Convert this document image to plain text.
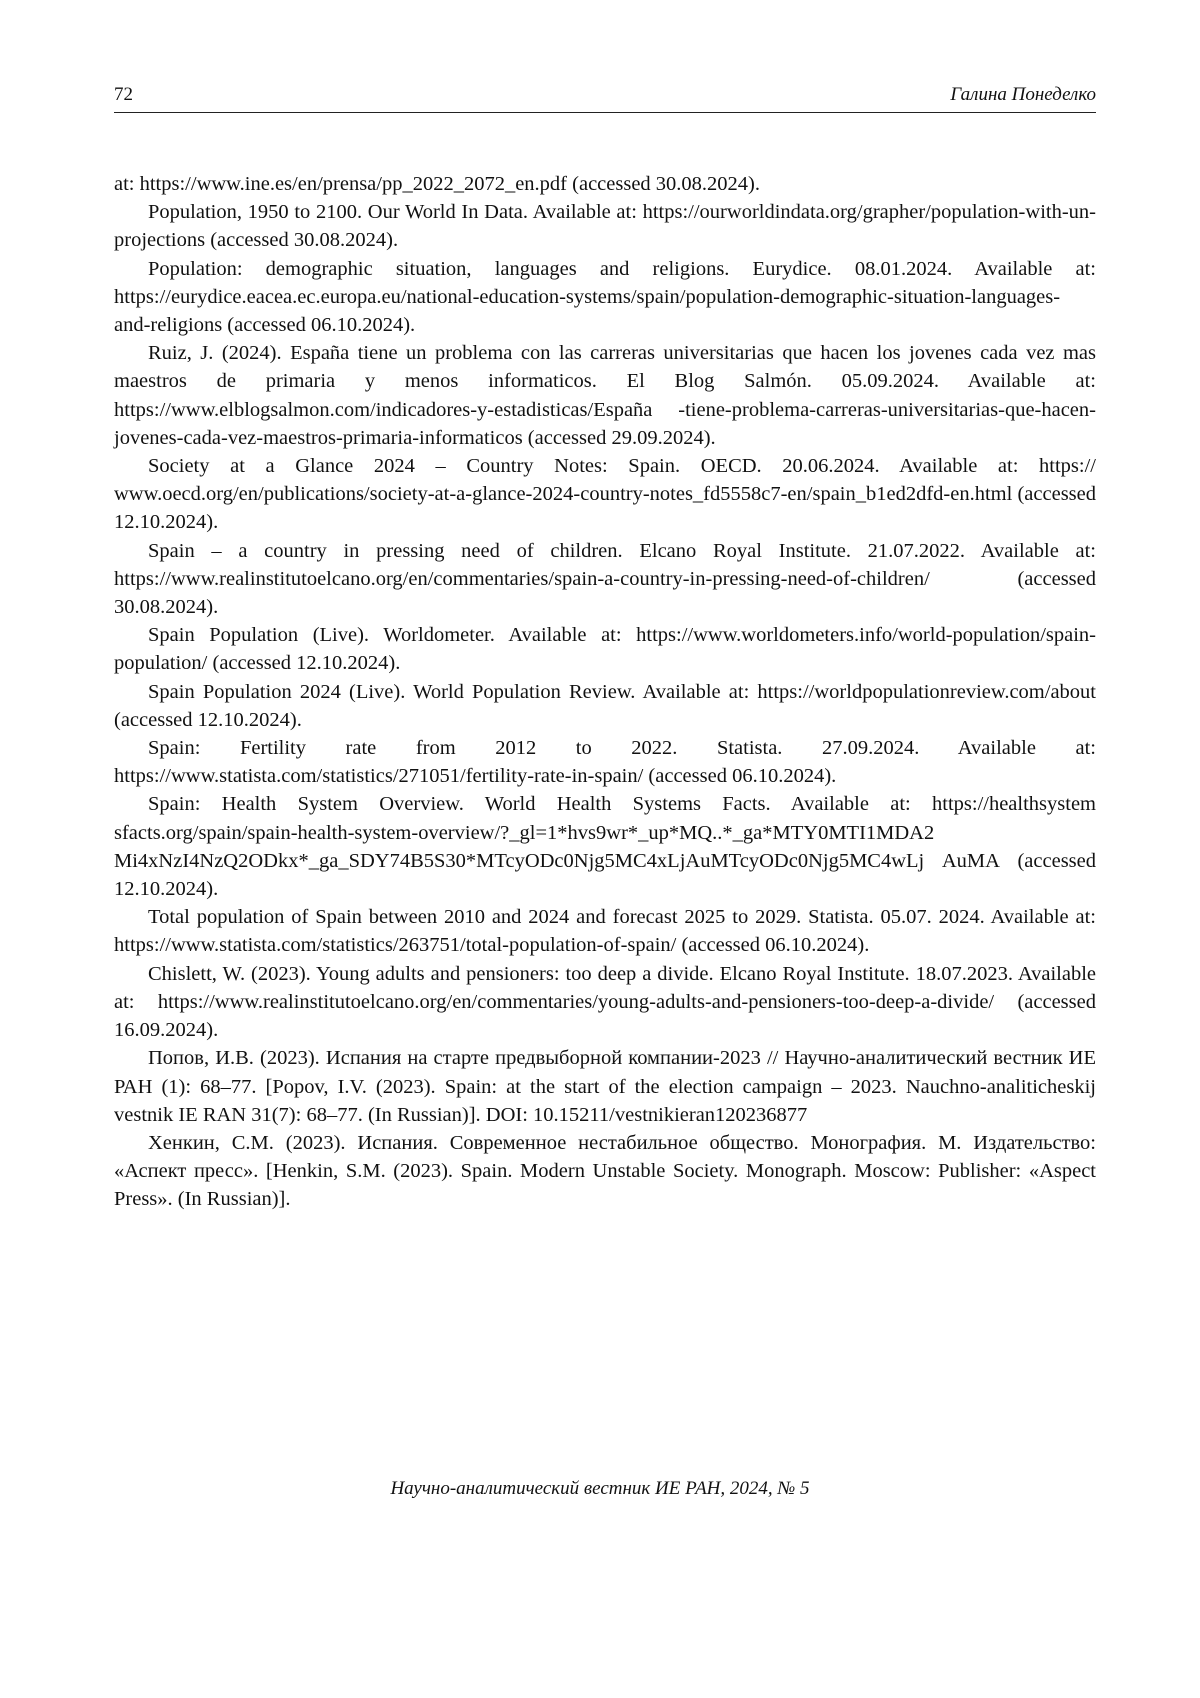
72	Галина Понеделко

at: https://www.ine.es/en/prensa/pp_2022_2072_en.pdf (accessed 30.08.2024).

Population, 1950 to 2100. Our World In Data. Available at: https://ourworldindata.org/grapher/population-with-un-projections (accessed 30.08.2024).

Population: demographic situation, languages and religions. Eurydice. 08.01.2024. Available at: https://eurydice.eacea.ec.europa.eu/national-education-systems/spain/population-demographic-situation-languages-and-religions (accessed 06.10.2024).

Ruiz, J. (2024). España tiene un problema con las carreras universitarias que hacen los jovenes cada vez mas maestros de primaria y menos informaticos. El Blog Salmón. 05.09.2024. Available at: https://www.elblogsalmon.com/indicadores-y-estadisticas/España -tiene-problema-carreras-universitarias-que-hacen-jovenes-cada-vez-maestros-primaria-informaticos (accessed 29.09.2024).

Society at a Glance 2024 – Country Notes: Spain. OECD. 20.06.2024. Available at: https:// www.oecd.org/en/publications/society-at-a-glance-2024-country-notes_fd5558c7-en/spain_b1ed2dfd-en.html (accessed 12.10.2024).

Spain – a country in pressing need of children. Elcano Royal Institute. 21.07.2022. Available at: https://www.realinstitutoelcano.org/en/commentaries/spain-a-country-in-pressing-need-of-children/ (accessed 30.08.2024).

Spain Population (Live). Worldometer. Available at: https://www.worldometers.info/world-population/spain-population/ (accessed 12.10.2024).

Spain Population 2024 (Live). World Population Review. Available at: https://worldpopulationreview.com/about (accessed 12.10.2024).

Spain: Fertility rate from 2012 to 2022. Statista. 27.09.2024. Available at: https://www.statista.com/statistics/271051/fertility-rate-in-spain/ (accessed 06.10.2024).

Spain: Health System Overview. World Health Systems Facts. Available at: https://healthsystem sfacts.org/spain/spain-health-system-overview/?_gl=1*hvs9wr*_up*MQ..*_ga*MTY0MTI1MDA2 Mi4xNzI4NzQ2ODkx*_ga_SDY74B5S30*MTcyODc0Njg5MC4xLjAuMTcyODc0Njg5MC4wLj AuMA (accessed 12.10.2024).

Total population of Spain between 2010 and 2024 and forecast 2025 to 2029. Statista. 05.07. 2024. Available at: https://www.statista.com/statistics/263751/total-population-of-spain/ (accessed 06.10.2024).

Chislett, W. (2023). Young adults and pensioners: too deep a divide. Elcano Royal Institute. 18.07.2023. Available at: https://www.realinstitutoelcano.org/en/commentaries/young-adults-and-pensioners-too-deep-a-divide/ (accessed 16.09.2024).

Попов, И.В. (2023). Испания на старте предвыборной компании-2023 // Научно-аналитический вестник ИЕ РАН (1): 68–77. [Popov, I.V. (2023). Spain: at the start of the election campaign – 2023. Nauchno-analiticheskij vestnik IE RAN 31(7): 68–77. (In Russian)]. DOI: 10.15211/vestnikieran120236877

Хенкин, С.М. (2023). Испания. Современное нестабильное общество. Монография. М. Издательство: «Аспект пресс». [Henkin, S.M. (2023). Spain. Modern Unstable Society. Monograph. Moscow: Publisher: «Aspect Press». (In Russian)].

Научно-аналитический вестник ИЕ РАН, 2024, № 5
